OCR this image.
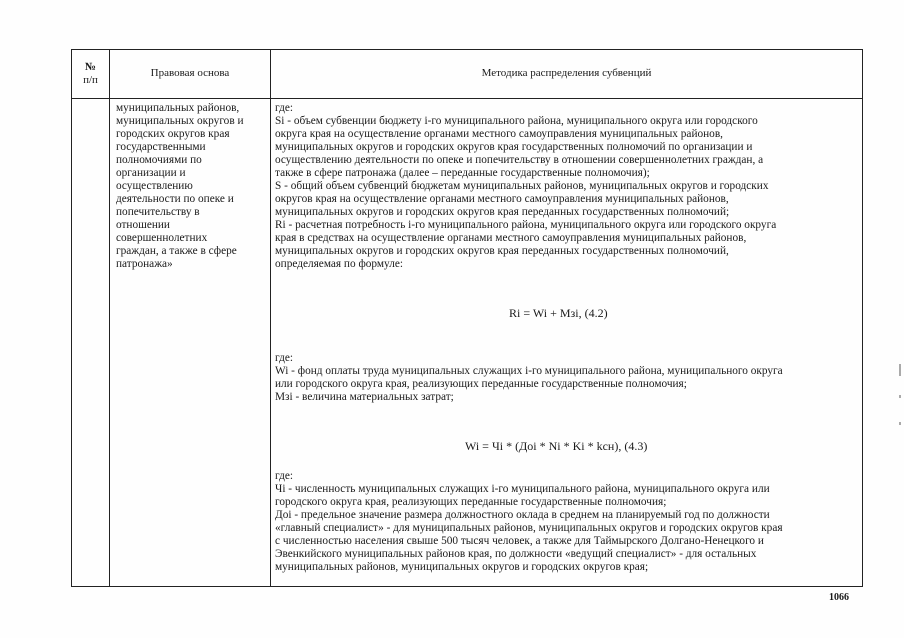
№
п/п
Правовая основа	Методика распределения субвенций
муниципальных районов,
муниципальных округов и
городских округов края
государственными
полномочиями по
организации и
осуществлению
деятельности по опеке и
попечительству в
отношении
совершеннолетних
граждан, а также в сфере
патронажа»
где:
Si - объем субвенции бюджету i-го муниципального района, муниципального округа или городского
округа края на осуществление органами местного самоуправления муниципальных районов,
муниципальных округов и городских округов края государственных полномочий по организации и
осуществлению деятельности по опеке и попечительству в отношении совершеннолетних граждан, а
также в сфере патронажа (далее – переданные государственные полномочия);
S - общий объем субвенций бюджетам муниципальных районов, муниципальных округов и городских
округов края на осуществление органами местного самоуправления муниципальных районов,
муниципальных округов и городских округов края переданных государственных полномочий;
Ri - расчетная потребность i-го муниципального района, муниципального округа или городского округа
края в средствах на осуществление органами местного самоуправления муниципальных районов,
муниципальных округов и городских округов края переданных государственных полномочий,
определяемая по формуле:
Ri = Wi + Mзi, (4.2)
где:
Wi - фонд оплаты труда муниципальных служащих i-го муниципального района, муниципального округа
или городского округа края, реализующих переданные государственные полномочия;
Mзi - величина материальных затрат;
Wi = Чi * (Дoi * Ni * Ki * kсн), (4.3)
где:
Чi - численность муниципальных служащих i-го муниципального района, муниципального округа или
городского округа края, реализующих переданные государственные полномочия;
Доi - предельное значение размера должностного оклада в среднем на планируемый год по должности
«главный специалист» - для муниципальных районов, муниципальных округов и городских округов края
с численностью населения свыше 500 тысяч человек, а также для Таймырского Долгано-Ненецкого и
Эвенкийского муниципальных районов края, по должности «ведущий специалист» - для остальных
муниципальных районов, муниципальных округов и городских округов края;
1066
